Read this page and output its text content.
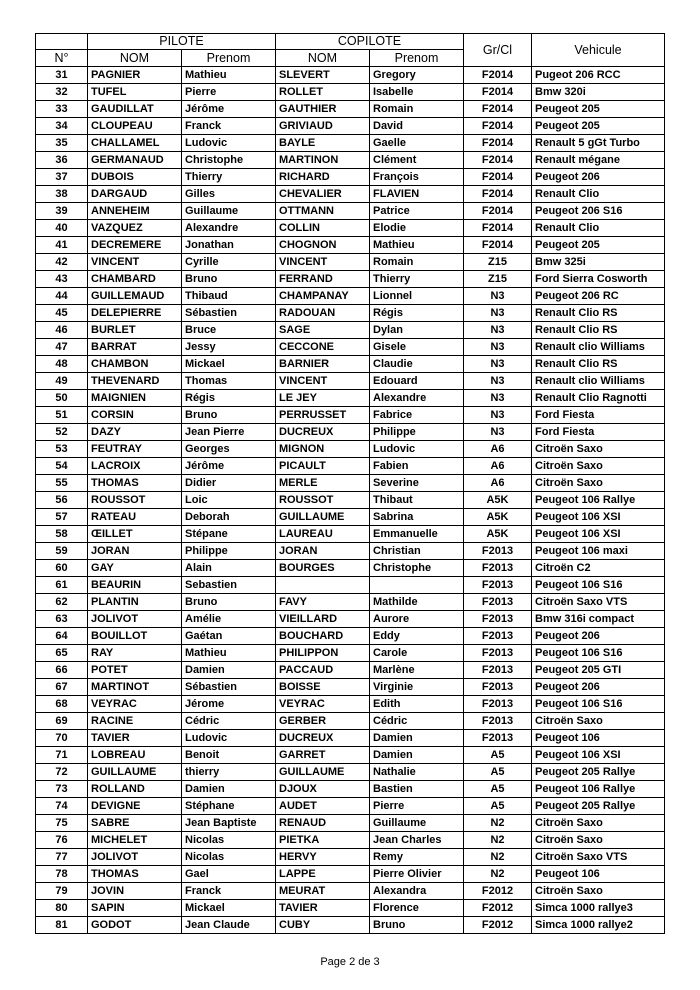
	PILOTE		COPILOTE		Gr/Cl	Vehicule
N°	NOM	Prenom	NOM	Prenom		
31	PAGNIER	Mathieu	SLEVERT	Gregory	F2014	Pugeot 206 RCC
32	TUFEL	Pierre	ROLLET	Isabelle	F2014	Bmw 320i
33	GAUDILLAT	Jérôme	GAUTHIER	Romain	F2014	Peugeot 205
34	CLOUPEAU	Franck	GRIVIAUD	David	F2014	Peugeot 205
35	CHALLAMEL	Ludovic	BAYLE	Gaelle	F2014	Renault 5 gGt Turbo
36	GERMANAUD	Christophe	MARTINON	Clément	F2014	Renault mégane
37	DUBOIS	Thierry	RICHARD	François	F2014	Peugeot 206
38	DARGAUD	Gilles	CHEVALIER	FLAVIEN	F2014	Renault Clio
39	ANNEHEIM	Guillaume	OTTMANN	Patrice	F2014	Peugeot 206 S16
40	VAZQUEZ	Alexandre	COLLIN	Elodie	F2014	Renault Clio
41	DECREMERE	Jonathan	CHOGNON	Mathieu	F2014	Peugeot 205
42	VINCENT	Cyrille	VINCENT	Romain	Z15	Bmw 325i
43	CHAMBARD	Bruno	FERRAND	Thierry	Z15	Ford Sierra Cosworth
44	GUILLEMAUD	Thibaud	CHAMPANAY	Lionnel	N3	Peugeot 206 RC
45	DELEPIERRE	Sébastien	RADOUAN	Régis	N3	Renault Clio RS
46	BURLET	Bruce	SAGE	Dylan	N3	Renault Clio RS
47	BARRAT	Jessy	CECCONE	Gisele	N3	Renault clio Williams
48	CHAMBON	Mickael	BARNIER	Claudie	N3	Renault Clio RS
49	THEVENARD	Thomas	VINCENT	Edouard	N3	Renault clio Williams
50	MAIGNIEN	Régis	LE JEY	Alexandre	N3	Renault Clio Ragnotti
51	CORSIN	Bruno	PERRUSSET	Fabrice	N3	Ford Fiesta
52	DAZY	Jean Pierre	DUCREUX	Philippe	N3	Ford Fiesta
53	FEUTRAY	Georges	MIGNON	Ludovic	A6	Citroën Saxo
54	LACROIX	Jérôme	PICAULT	Fabien	A6	Citroën Saxo
55	THOMAS	Didier	MERLE	Severine	A6	Citroën Saxo
56	ROUSSOT	Loic	ROUSSOT	Thibaut	A5K	Peugeot 106 Rallye
57	RATEAU	Deborah	GUILLAUME	Sabrina	A5K	Peugeot 106 XSI
58	ŒILLET	Stépane	LAUREAU	Emmanuelle	A5K	Peugeot 106 XSI
59	JORAN	Philippe	JORAN	Christian	F2013	Peugeot 106 maxi
60	GAY	Alain	BOURGES	Christophe	F2013	Citroën C2
61	BEAURIN	Sebastien			F2013	Peugeot 106 S16
62	PLANTIN	Bruno	FAVY	Mathilde	F2013	Citroën Saxo VTS
63	JOLIVOT	Amélie	VIEILLARD	Aurore	F2013	Bmw 316i compact
64	BOUILLOT	Gaétan	BOUCHARD	Eddy	F2013	Peugeot 206
65	RAY	Mathieu	PHILIPPON	Carole	F2013	Peugeot 106 S16
66	POTET	Damien	PACCAUD	Marlène	F2013	Peugeot 205 GTI
67	MARTINOT	Sébastien	BOISSE	Virginie	F2013	Peugeot 206
68	VEYRAC	Jérome	VEYRAC	Edith	F2013	Peugeot 106 S16
69	RACINE	Cédric	GERBER	Cédric	F2013	Citroën Saxo
70	TAVIER	Ludovic	DUCREUX	Damien	F2013	Peugeot 106
71	LOBREAU	Benoit	GARRET	Damien	A5	Peugeot 106 XSI
72	GUILLAUME	thierry	GUILLAUME	Nathalie	A5	Peugeot 205 Rallye
73	ROLLAND	Damien	DJOUX	Bastien	A5	Peugeot 106 Rallye
74	DEVIGNE	Stéphane	AUDET	Pierre	A5	Peugeot 205 Rallye
75	SABRE	Jean Baptiste	RENAUD	Guillaume	N2	Citroën Saxo
76	MICHELET	Nicolas	PIETKA	Jean Charles	N2	Citroën Saxo
77	JOLIVOT	Nicolas	HERVY	Remy	N2	Citroën Saxo VTS
78	THOMAS	Gael	LAPPE	Pierre Olivier	N2	Peugeot 106
79	JOVIN	Franck	MEURAT	Alexandra	F2012	Citroën Saxo
80	SAPIN	Mickael	TAVIER	Florence	F2012	Simca 1000 rallye3
81	GODOT	Jean Claude	CUBY	Bruno	F2012	Simca 1000 rallye2
Page 2 de 3
